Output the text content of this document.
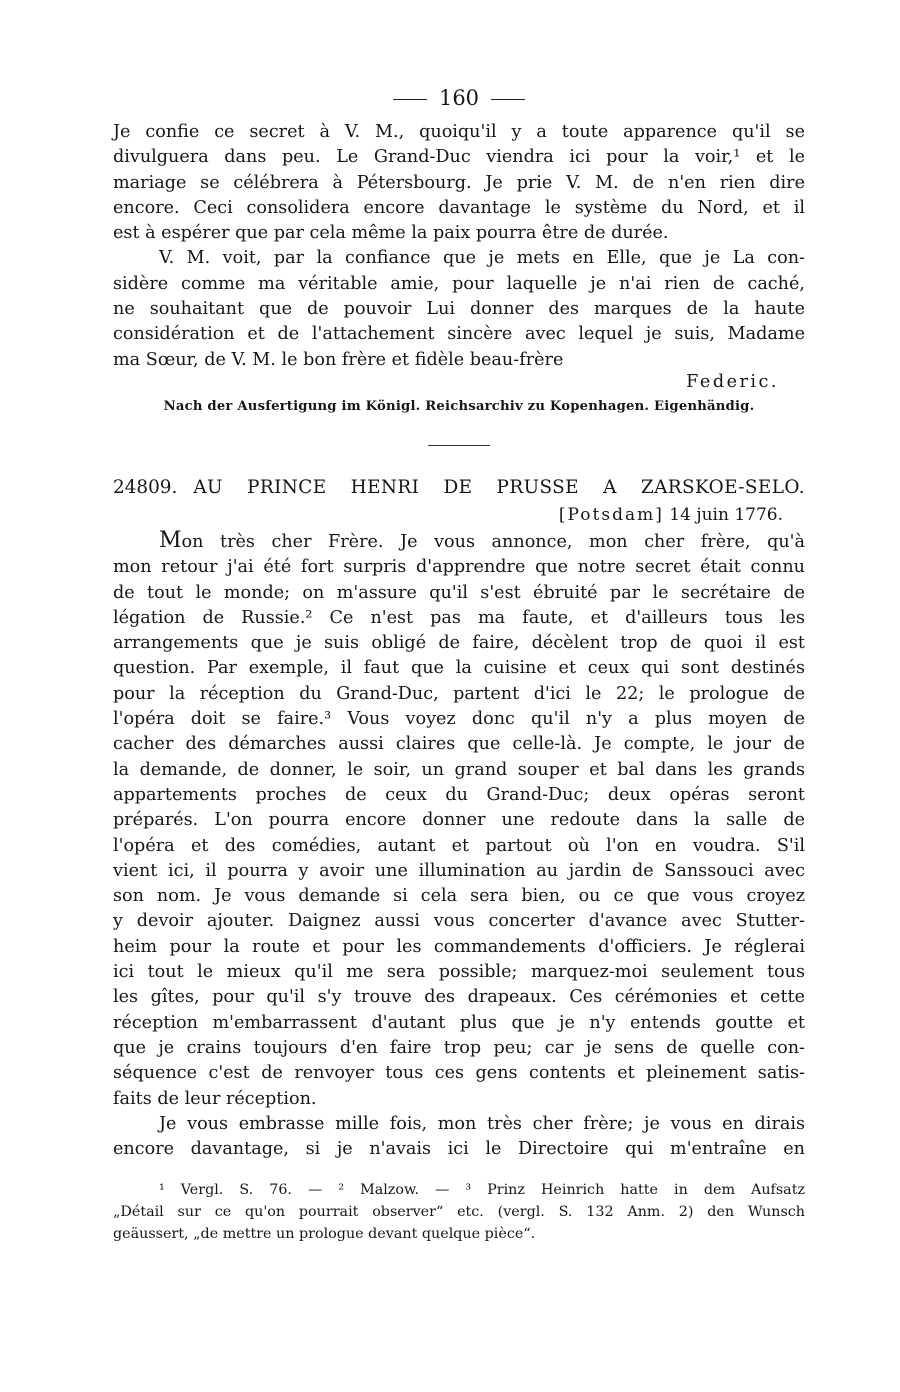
160
Je confie ce secret à V. M., quoiqu'il y a toute apparence qu'il se
divulguera dans peu. Le Grand-Duc viendra ici pour la voir,¹ et le
mariage se célébrera à Pétersbourg. Je prie V. M. de n'en rien dire
encore. Ceci consolidera encore davantage le système du Nord, et il
est à espérer que par cela même la paix pourra être de durée.
V. M. voit, par la confiance que je mets en Elle, que je La con-
sidère comme ma véritable amie, pour laquelle je n'ai rien de caché,
ne souhaitant que de pouvoir Lui donner des marques de la haute
considération et de l'attachement sincère avec lequel je suis, Madame
ma Sœur, de V. M. le bon frère et fidèle beau-frère
Federic.
Nach der Ausfertigung im Königl. Reichsarchiv zu Kopenhagen. Eigenhändig.
24809. AU PRINCE HENRI DE PRUSSE A ZARSKOE-SELO.
[Potsdam] 14 juin 1776.
Mon très cher Frère. Je vous annonce, mon cher frère, qu'à
mon retour j'ai été fort surpris d'apprendre que notre secret était connu
de tout le monde; on m'assure qu'il s'est ébruité par le secrétaire de
légation de Russie.² Ce n'est pas ma faute, et d'ailleurs tous les
arrangements que je suis obligé de faire, décèlent trop de quoi il est
question. Par exemple, il faut que la cuisine et ceux qui sont destinés
pour la réception du Grand-Duc, partent d'ici le 22; le prologue de
l'opéra doit se faire.³ Vous voyez donc qu'il n'y a plus moyen de
cacher des démarches aussi claires que celle-là. Je compte, le jour de
la demande, de donner, le soir, un grand souper et bal dans les grands
appartements proches de ceux du Grand-Duc; deux opéras seront
préparés. L'on pourra encore donner une redoute dans la salle de
l'opéra et des comédies, autant et partout où l'on en voudra. S'il
vient ici, il pourra y avoir une illumination au jardin de Sanssouci avec
son nom. Je vous demande si cela sera bien, ou ce que vous croyez
y devoir ajouter. Daignez aussi vous concerter d'avance avec Stutter-
heim pour la route et pour les commandements d'officiers. Je réglerai
ici tout le mieux qu'il me sera possible; marquez-moi seulement tous
les gîtes, pour qu'il s'y trouve des drapeaux. Ces cérémonies et cette
réception m'embarrassent d'autant plus que je n'y entends goutte et
que je crains toujours d'en faire trop peu; car je sens de quelle con-
séquence c'est de renvoyer tous ces gens contents et pleinement satis-
faits de leur réception.
Je vous embrasse mille fois, mon très cher frère; je vous en dirais
encore davantage, si je n'avais ici le Directoire qui m'entraîne en
¹ Vergl. S. 76. — ² Malzow. — ³ Prinz Heinrich hatte in dem Aufsatz
„Détail sur ce qu'on pourrait observer“ etc. (vergl. S. 132 Anm. 2) den Wunsch
geäussert, „de mettre un prologue devant quelque pièce“.
